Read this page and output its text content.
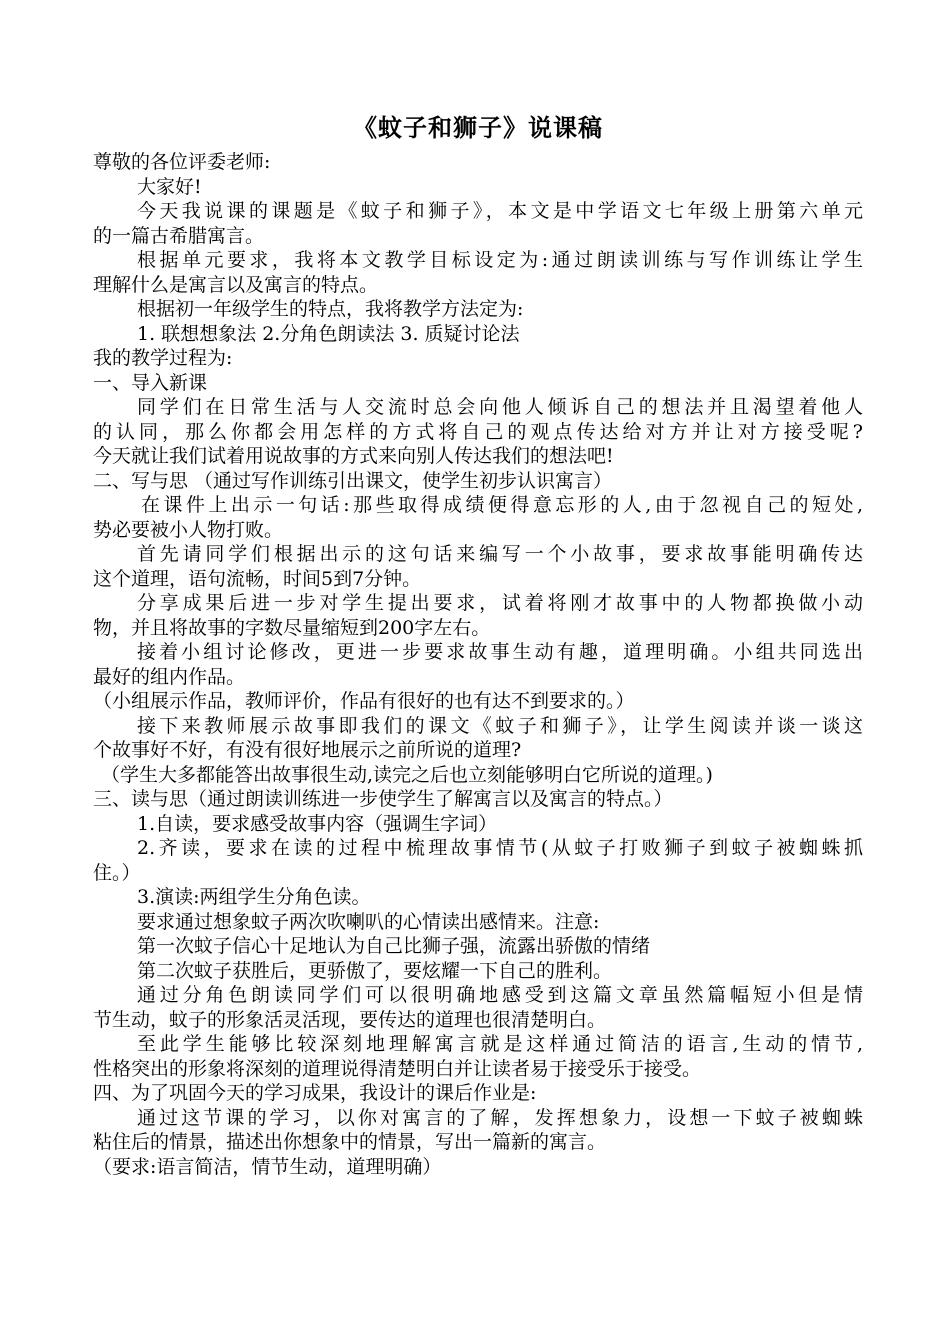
《蚊子和狮子》说课稿
尊敬的各位评委老师:
大家好!
今天我说课的课题是《蚊子和狮子》，本文是中学语文七年级上册第六单元
的一篇古希腊寓言。
根据单元要求，我将本文教学目标设定为:通过朗读训练与写作训练让学生
理解什么是寓言以及寓言的特点。
根据初一年级学生的特点，我将教学方法定为:
1. 联想想象法 2.分角色朗读法 3. 质疑讨论法
我的教学过程为:
一、导入新课
同学们在日常生活与人交流时总会向他人倾诉自己的想法并且渴望着他人
的认同，那么你都会用怎样的方式将自己的观点传达给对方并让对方接受呢?
今天就让我们试着用说故事的方式来向别人传达我们的想法吧!
二、写与思 （通过写作训练引出课文，使学生初步认识寓言）
在课件上出示一句话:那些取得成绩便得意忘形的人,由于忽视自己的短处,
势必要被小人物打败。
首先请同学们根据出示的这句话来编写一个小故事，要求故事能明确传达
这个道理，语句流畅，时间5到7分钟。
分享成果后进一步对学生提出要求，试着将刚才故事中的人物都换做小动
物，并且将故事的字数尽量缩短到200字左右。
接着小组讨论修改，更进一步要求故事生动有趣，道理明确。小组共同选出
最好的组内作品。
（小组展示作品，教师评价，作品有很好的也有达不到要求的。）
接下来教师展示故事即我们的课文《蚊子和狮子》，让学生阅读并谈一谈这
个故事好不好，有没有很好地展示之前所说的道理?
（学生大多都能答出故事很生动,读完之后也立刻能够明白它所说的道理。)
三、读与思（通过朗读训练进一步使学生了解寓言以及寓言的特点。）
1.自读，要求感受故事内容（强调生字词）
2.齐读，要求在读的过程中梳理故事情节(从蚊子打败狮子到蚊子被蜘蛛抓
住。）
3.演读:两组学生分角色读。
要求通过想象蚊子两次吹喇叭的心情读出感情来。注意:
第一次蚊子信心十足地认为自己比狮子强，流露出骄傲的情绪
第二次蚊子获胜后，更骄傲了，要炫耀一下自己的胜利。
通过分角色朗读同学们可以很明确地感受到这篇文章虽然篇幅短小但是情
节生动，蚊子的形象活灵活现，要传达的道理也很清楚明白。
至此学生能够比较深刻地理解寓言就是这样通过简洁的语言,生动的情节,
性格突出的形象将深刻的道理说得清楚明白并让读者易于接受乐于接受。
四、为了巩固今天的学习成果，我设计的课后作业是:
通过这节课的学习，以你对寓言的了解，发挥想象力，设想一下蚊子被蜘蛛
粘住后的情景，描述出你想象中的情景，写出一篇新的寓言。
（要求:语言简洁，情节生动，道理明确）
